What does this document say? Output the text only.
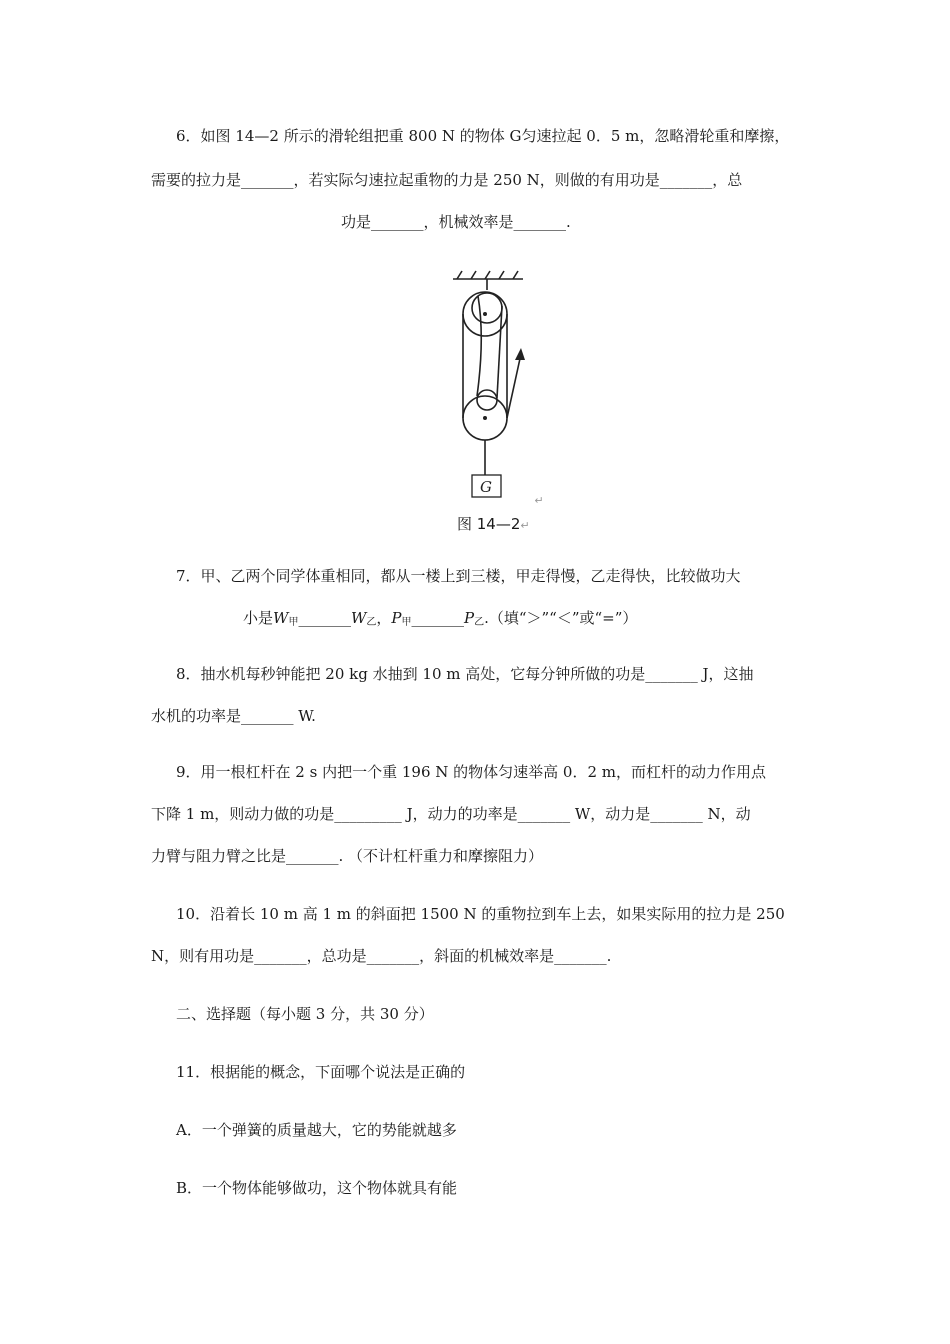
6．如图 14—2 所示的滑轮组把重 800 N 的物体 G匀速拉起 0．5 m，忽略滑轮重和摩擦，
需要的拉力是_______，若实际匀速拉起重物的力是 250 N，则做的有用功是_______，总
功是_______，机械效率是_______.
G
↵
图 14—2↵
7．甲、乙两个同学体重相同，都从一楼上到三楼，甲走得慢，乙走得快，比较做功大
小是$W_甲\_\_\_\_\_\_\_W_乙$，$P_甲\_\_\_\_\_\_\_P_乙$.（填“＞”“＜”或“=”）
8．抽水机每秒钟能把 20 kg 水抽到 10 m 高处，它每分钟所做的功是_______ J，这抽
水机的功率是_______ W.
9．用一根杠杆在 2 s 内把一个重 196 N 的物体匀速举高 0．2 m，而杠杆的动力作用点
下降 1 m，则动力做的功是_________ J，动力的功率是_______ W，动力是_______ N，动
力臂与阻力臂之比是_______. （不计杠杆重力和摩擦阻力）
10．沿着长 10 m 高 1 m 的斜面把 1500 N 的重物拉到车上去，如果实际用的拉力是 250
N，则有用功是_______，总功是_______，斜面的机械效率是_______.
二、选择题（每小题 3 分，共 30 分）
11．根据能的概念，下面哪个说法是正确的
A．一个弹簧的质量越大，它的势能就越多
B．一个物体能够做功，这个物体就具有能
